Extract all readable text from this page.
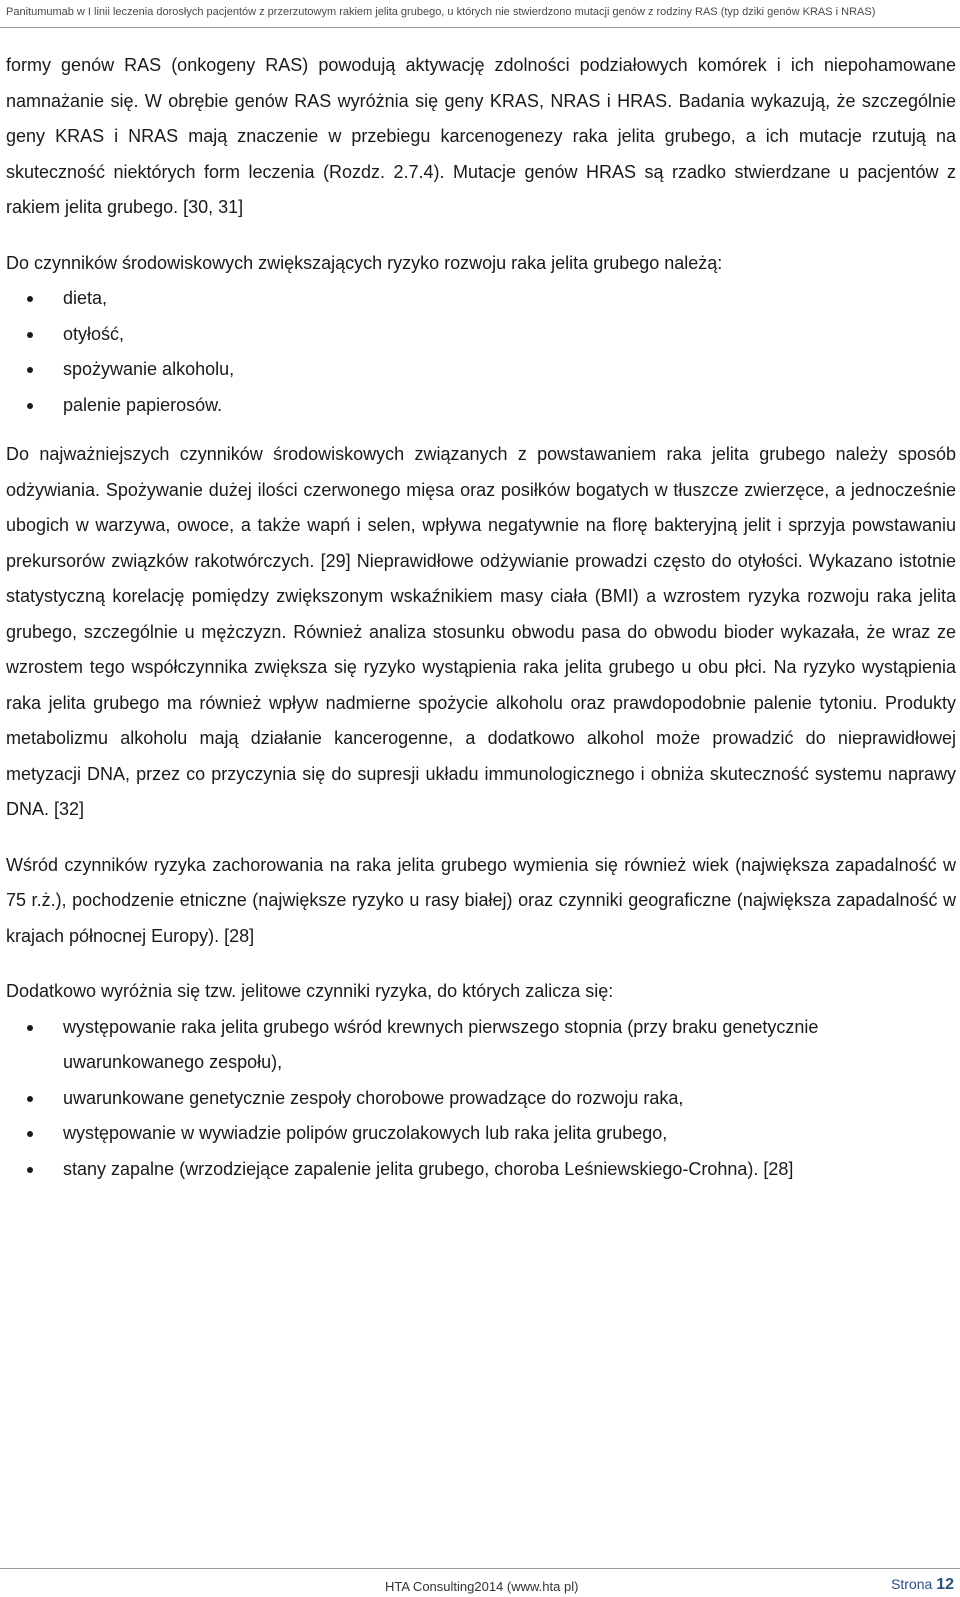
Panitumumab w I linii leczenia dorosłych pacjentów z przerzutowym rakiem jelita grubego, u których nie stwierdzono mutacji genów z rodziny RAS (typ dziki genów KRAS i NRAS)

formy genów RAS (onkogeny RAS) powodują aktywację zdolności podziałowych komórek i ich niepohamowane namnażanie się. W obrębie genów RAS wyróżnia się geny KRAS, NRAS i HRAS. Badania wykazują, że szczególnie geny KRAS i NRAS mają znaczenie w przebiegu karcenogenezy raka jelita grubego, a ich mutacje rzutują na skuteczność niektórych form leczenia (Rozdz. 2.7.4). Mutacje genów HRAS są rzadko stwierdzane u pacjentów z rakiem jelita grubego. [30, 31]

Do czynników środowiskowych zwiększających ryzyko rozwoju raka jelita grubego należą:

dieta,
otyłość,
spożywanie alkoholu,
palenie papierosów.

Do najważniejszych czynników środowiskowych związanych z powstawaniem raka jelita grubego należy sposób odżywiania. Spożywanie dużej ilości czerwonego mięsa oraz posiłków bogatych w tłuszcze zwierzęce, a jednocześnie ubogich w warzywa, owoce, a także wapń i selen, wpływa negatywnie na florę bakteryjną jelit i sprzyja powstawaniu prekursorów związków rakotwórczych. [29] Nieprawidłowe odżywianie prowadzi często do otyłości. Wykazano istotnie statystyczną korelację pomiędzy zwiększonym wskaźnikiem masy ciała (BMI) a wzrostem ryzyka rozwoju raka jelita grubego, szczególnie u mężczyzn. Również analiza stosunku obwodu pasa do obwodu bioder wykazała, że wraz ze wzrostem tego współczynnika zwiększa się ryzyko wystąpienia raka jelita grubego u obu płci. Na ryzyko wystąpienia raka jelita grubego ma również wpływ nadmierne spożycie alkoholu oraz prawdopodobnie palenie tytoniu. Produkty metabolizmu alkoholu mają działanie kancerogenne, a dodatkowo alkohol może prowadzić do nieprawidłowej metyzacji DNA, przez co przyczynia się do supresji układu immunologicznego i obniża skuteczność systemu naprawy DNA. [32]

Wśród czynników ryzyka zachorowania na raka jelita grubego wymienia się również wiek (największa zapadalność w 75 r.ż.), pochodzenie etniczne (największe ryzyko u rasy białej) oraz czynniki geograficzne (największa zapadalność w krajach północnej Europy). [28]

Dodatkowo wyróżnia się tzw. jelitowe czynniki ryzyka, do których zalicza się:

występowanie raka jelita grubego wśród krewnych pierwszego stopnia (przy braku genetycznie uwarunkowanego zespołu),
uwarunkowane genetycznie zespoły chorobowe prowadzące do rozwoju raka,
występowanie w wywiadzie polipów gruczolakowych lub raka jelita grubego,
stany zapalne (wrzodziejące zapalenie jelita grubego, choroba Leśniewskiego-Crohna). [28]
HTA Consulting2014 (www.hta pl)	Strona 12
